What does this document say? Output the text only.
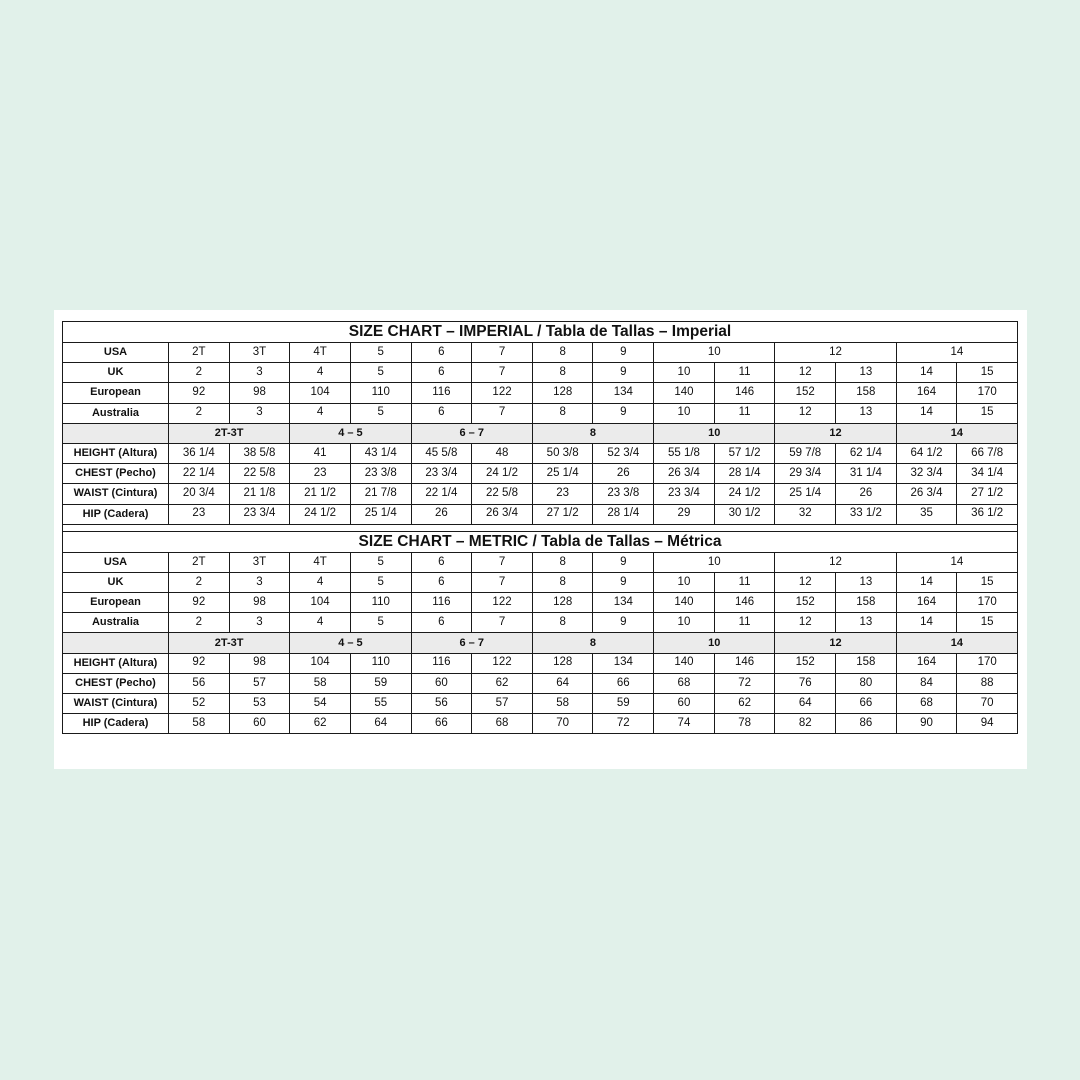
SIZE CHART – IMPERIAL / Tabla de Tallas – Imperial														
USA	2T	3T	4T	5	6	7	8	9	10		12		14	
UK	2	3	4	5	6	7	8	9	10	11	12	13	14	15
European	92	98	104	110	116	122	128	134	140	146	152	158	164	170
Australia	2	3	4	5	6	7	8	9	10	11	12	13	14	15
	2T-3T		4 – 5		6 – 7		8		10		12		14	
HEIGHT (Altura)	36 1/4	38 5/8	41	43 1/4	45 5/8	48	50 3/8	52 3/4	55 1/8	57 1/2	59 7/8	62 1/4	64 1/2	66 7/8
CHEST (Pecho)	22 1/4	22 5/8	23	23 3/8	23 3/4	24 1/2	25 1/4	26	26 3/4	28 1/4	29 3/4	31 1/4	32 3/4	34 1/4
WAIST (Cintura)	20 3/4	21 1/8	21 1/2	21 7/8	22 1/4	22 5/8	23	23 3/8	23 3/4	24 1/2	25 1/4	26	26 3/4	27 1/2
HIP (Cadera)	23	23 3/4	24 1/2	25 1/4	26	26 3/4	27 1/2	28 1/4	29	30 1/2	32	33 1/2	35	36 1/2

SIZE CHART – METRIC / Tabla de Tallas – Métrica														
USA	2T	3T	4T	5	6	7	8	9	10		12		14	
UK	2	3	4	5	6	7	8	9	10	11	12	13	14	15
European	92	98	104	110	116	122	128	134	140	146	152	158	164	170
Australia	2	3	4	5	6	7	8	9	10	11	12	13	14	15
	2T-3T		4 – 5		6 – 7		8		10		12		14	
HEIGHT (Altura)	92	98	104	110	116	122	128	134	140	146	152	158	164	170
CHEST (Pecho)	56	57	58	59	60	62	64	66	68	72	76	80	84	88
WAIST (Cintura)	52	53	54	55	56	57	58	59	60	62	64	66	68	70
HIP (Cadera)	58	60	62	64	66	68	70	72	74	78	82	86	90	94
